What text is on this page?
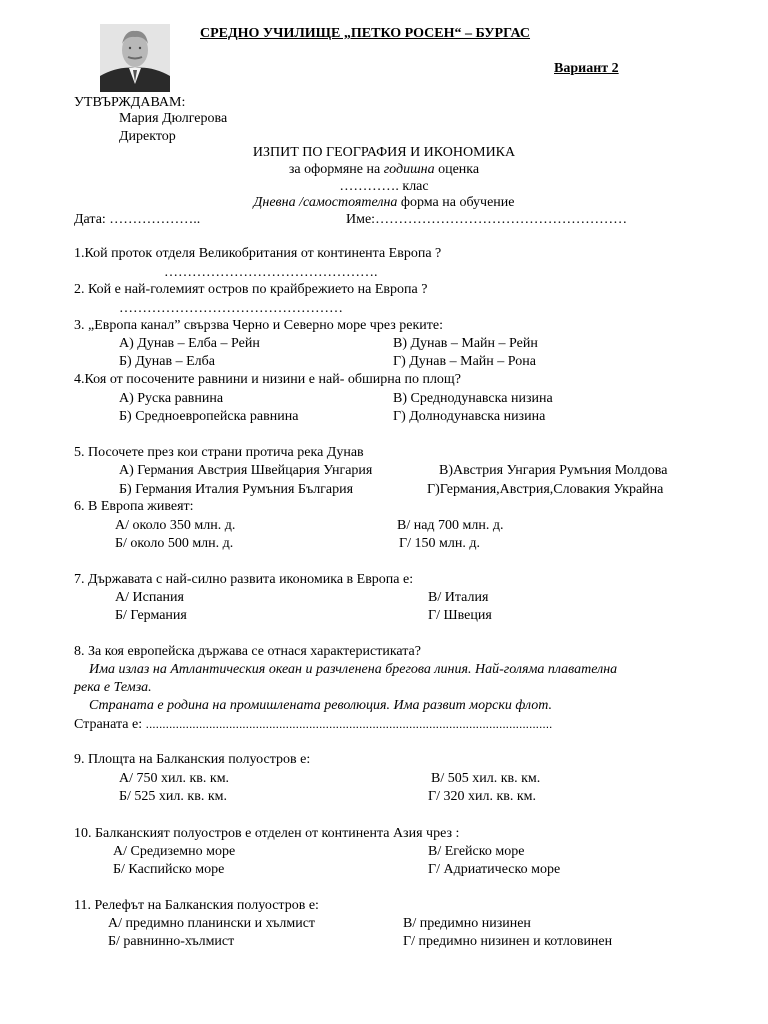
СРЕДНО УЧИЛИЩЕ „ПЕТКО РОСЕН“ – БУРГАС
Вариант 2
УТВЪРЖДАВАМ:
Мария Дюлгерова
Директор
ИЗПИТ ПО ГЕОГРАФИЯ И ИКОНОМИКА
за оформяне на годишна оценка
…………. клас
Дневна /самостоятелна форма на обучение
Дата: ………………..	Име:………………………………………………
1.Кой проток отделя Великобритания от континента Европа ?
……………………………………….
2. Кой е най-големият остров по крайбрежието на Европа ?
…………………………………………
3. „Европа канал” свързва Черно и Северно море чрез реките:
А) Дунав – Елба – Рейн	В) Дунав – Майн – Рейн
Б) Дунав – Елба	Г) Дунав – Майн – Рона
4.Коя от посочените равнини и низини е най- обширна по площ?
А) Руска равнина	В) Среднодунавска низина
Б) Средноевропейска равнина	Г) Долнодунавска низина
5. Посочете през кои страни протича река Дунав
А) Германия Австрия Швейцария Унгария	В)Австрия Унгария Румъния Молдова
Б) Германия Италия Румъния България	Г)Германия,Австрия,Словакия Украйна
6. В Европа живеят:
А/ около 350 млн. д.	В/ над 700 млн. д.
Б/ около 500 млн. д.	Г/ 150 млн. д.
7. Държавата с най-силно развита икономика в Европа е:
А/ Испания	В/ Италия
Б/ Германия	Г/ Швеция
8. За коя европейска държава се отнася характеристиката?
Има излаз на Атлантическия океан и разчленена брегова линия. Най-голяма плавателна
река е Темза.
Страната е родина на промишлената революция. Има развит морски флот.
Страната е: ..........................................................................................................................
9. Площта на Балканския полуостров е:
А/ 750 хил. кв. км.	В/ 505 хил. кв. км.
Б/ 525 хил. кв. км.	Г/ 320 хил. кв. км.
10. Балканският полуостров е отделен от континента Азия чрез :
А/ Средиземно море	В/ Егейско море
Б/ Каспийско море	Г/ Адриатическо море
11. Релефът на Балканския полуостров е:
А/ предимно планински и хълмист	В/ предимно низинен
Б/ равнинно-хълмист	Г/ предимно низинен и котловинен
